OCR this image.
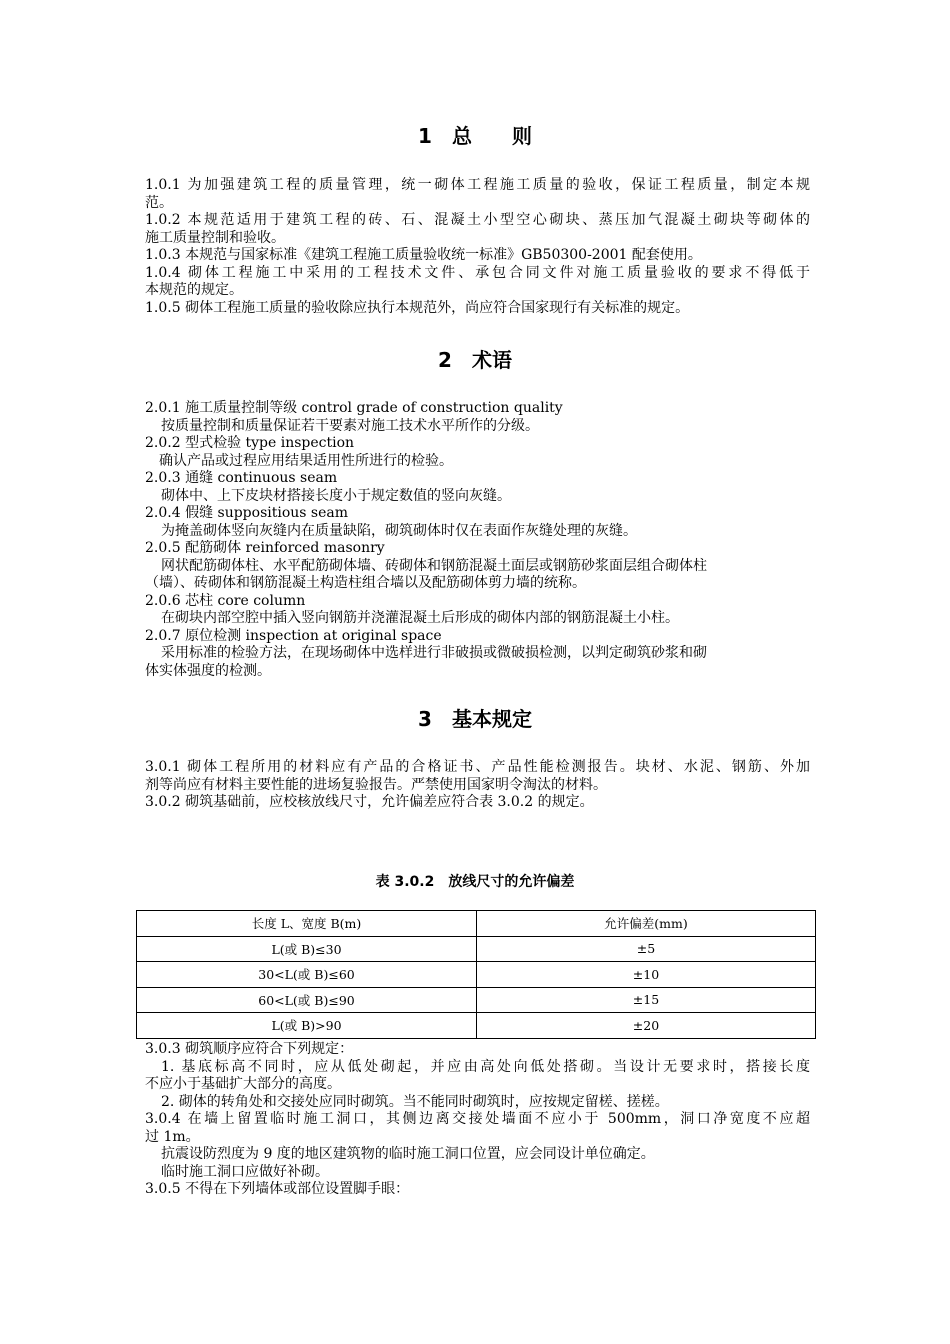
1　总　　则
1.0.1 为加强建筑工程的质量管理，统一砌体工程施工质量的验收，保证工程质量，制定本规
范。
1.0.2 本规范适用于建筑工程的砖、石、混凝土小型空心砌块、蒸压加气混凝土砌块等砌体的
施工质量控制和验收。
1.0.3 本规范与国家标准《建筑工程施工质量验收统一标准》GB50300-2001 配套使用。
1.0.4 砌体工程施工中采用的工程技术文件、承包合同文件对施工质量验收的要求不得低于
本规范的规定。
1.0.5 砌体工程施工质量的验收除应执行本规范外，尚应符合国家现行有关标准的规定。
2　术语
2.0.1 施工质量控制等级 control grade of construction quality
按质量控制和质量保证若干要素对施工技术水平所作的分级。
2.0.2 型式检验 type inspection
确认产品或过程应用结果适用性所进行的检验。
2.0.3 通缝 continuous seam
砌体中、上下皮块材搭接长度小于规定数值的竖向灰缝。
2.0.4 假缝 suppositious seam
为掩盖砌体竖向灰缝内在质量缺陷，砌筑砌体时仅在表面作灰缝处理的灰缝。
2.0.5 配筋砌体 reinforced masonry
网状配筋砌体柱、水平配筋砌体墙、砖砌体和钢筋混凝土面层或钢筋砂浆面层组合砌体柱
（墙）、砖砌体和钢筋混凝土构造柱组合墙以及配筋砌体剪力墙的统称。
2.0.6 芯柱 core column
在砌块内部空腔中插入竖向钢筋并浇灌混凝土后形成的砌体内部的钢筋混凝土小柱。
2.0.7 原位检测 inspection at original space
采用标准的检验方法，在现场砌体中选样进行非破损或微破损检测，以判定砌筑砂浆和砌
体实体强度的检测。
3　基本规定
3.0.1 砌体工程所用的材料应有产品的合格证书、产品性能检测报告。块材、水泥、钢筋、外加
剂等尚应有材料主要性能的进场复验报告。严禁使用国家明令淘汰的材料。
3.0.2 砌筑基础前，应校核放线尺寸，允许偏差应符合表 3.0.2 的规定。
表 3.0.2　放线尺寸的允许偏差
长度 L、宽度 B(m)	允许偏差(mm)
L(或 B)≤30	±5
30<L(或 B)≤60	±10
60<L(或 B)≤90	±15
L(或 B)>90	±20
3.0.3 砌筑顺序应符合下列规定：
1. 基底标高不同时，应从低处砌起，并应由高处向低处搭砌。当设计无要求时，搭接长度
不应小于基础扩大部分的高度。
2. 砌体的转角处和交接处应同时砌筑。当不能同时砌筑时，应按规定留槎、搓槎。
3.0.4 在墙上留置临时施工洞口，其侧边离交接处墙面不应小于 500mm，洞口净宽度不应超
过 1m。
抗震设防烈度为 9 度的地区建筑物的临时施工洞口位置，应会同设计单位确定。
临时施工洞口应做好补砌。
3.0.5 不得在下列墙体或部位设置脚手眼：
